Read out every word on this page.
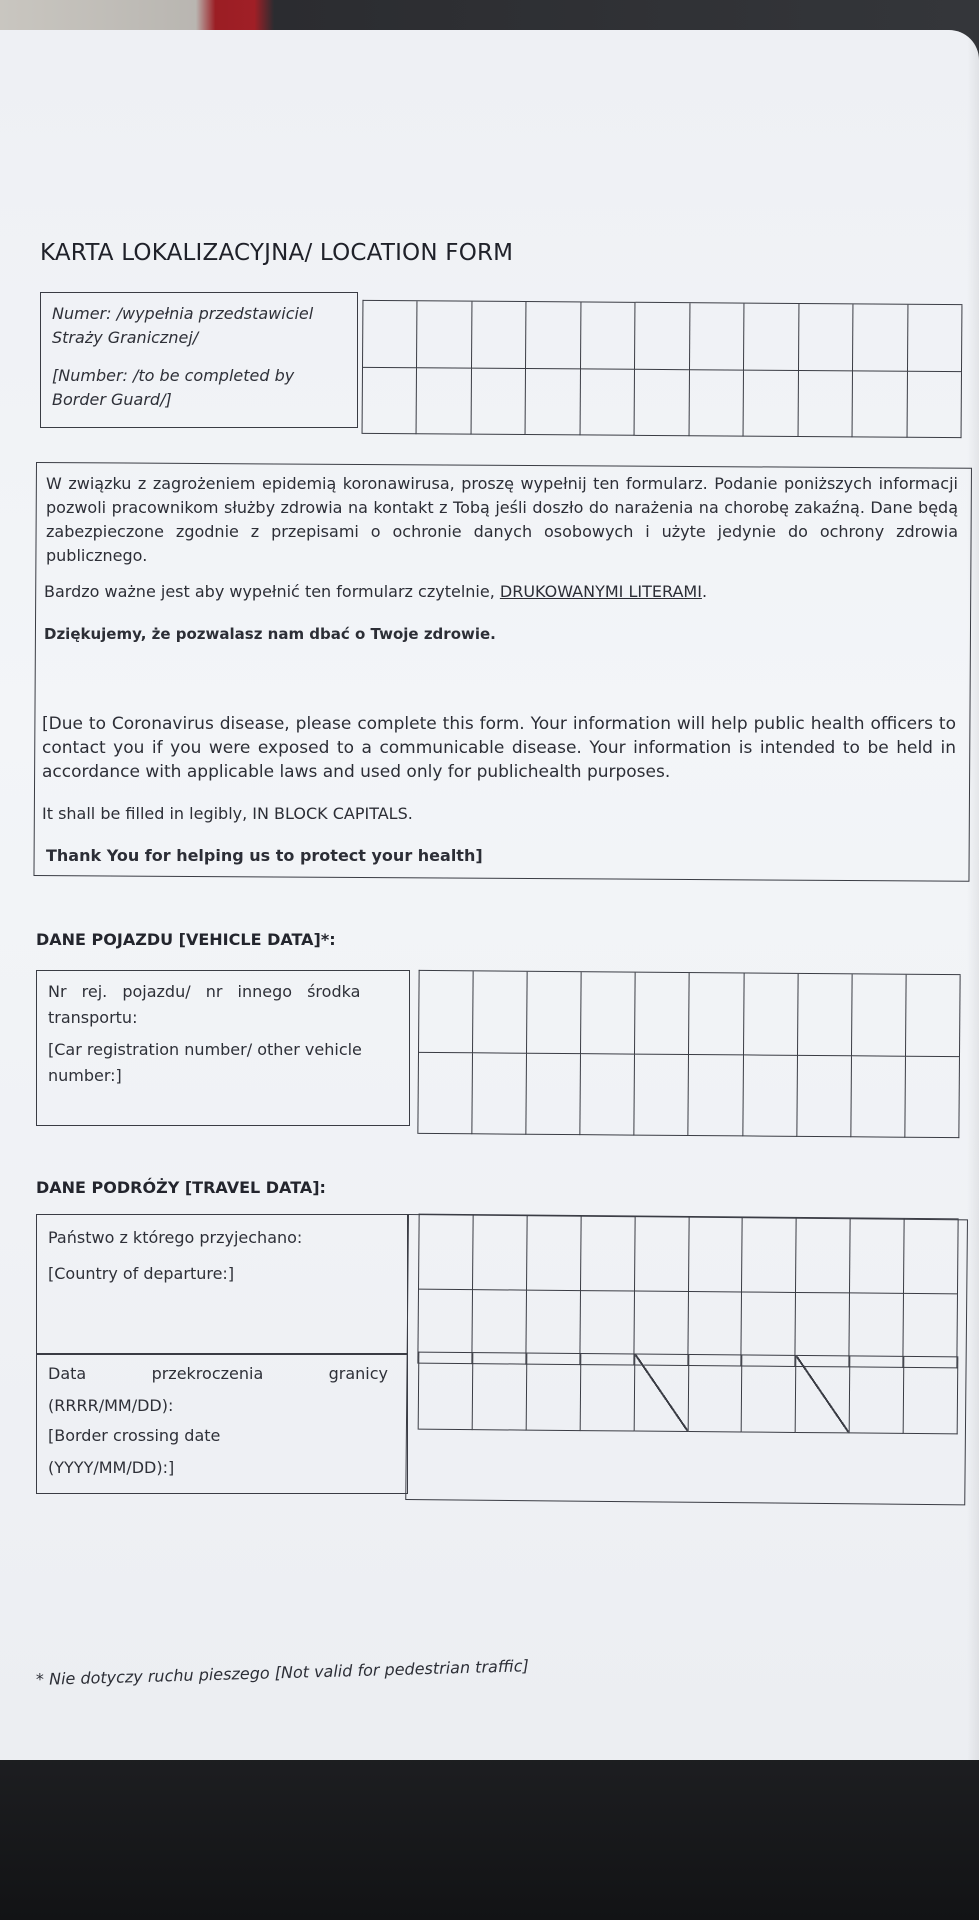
KARTA LOKALIZACYJNA/ LOCATION FORM
Numer: /wypełnia przedstawiciel
Straży Granicznej/
[Number: /to be completed by
Border Guard/]
W związku z zagrożeniem epidemią koronawirusa, proszę wypełnij ten formularz. Podanie poniższych informacji pozwoli pracownikom służby zdrowia na kontakt z Tobą jeśli doszło do narażenia na chorobę zakaźną. Dane będą zabezpieczone zgodnie z przepisami o ochronie danych osobowych i użyte jedynie do ochrony zdrowia publicznego.
Bardzo ważne jest aby wypełnić ten formularz czytelnie, DRUKOWANYMI LITERAMI.
Dziękujemy, że pozwalasz nam dbać o Twoje zdrowie.
[Due to Coronavirus disease, please complete this form. Your information will help public health officers to contact you if you were exposed to a communicable disease. Your information is intended to be held in accordance with applicable laws and used only for publichealth purposes.
It shall be filled in legibly, IN BLOCK CAPITALS.
Thank You for helping us to protect your health]
DANE POJAZDU [VEHICLE DATA]*:
Nr rej. pojazdu/ nr innego środka
transportu:
[Car registration number/ other vehicle
number:]
DANE PODRÓŻY [TRAVEL DATA]:
Państwo z którego przyjechano:
[Country of departure:]
Data	przekroczenia	granicy
(RRRR/MM/DD):
[Border crossing date
(YYYY/MM/DD):]
* Nie dotyczy ruchu pieszego [Not valid for pedestrian traffic]
